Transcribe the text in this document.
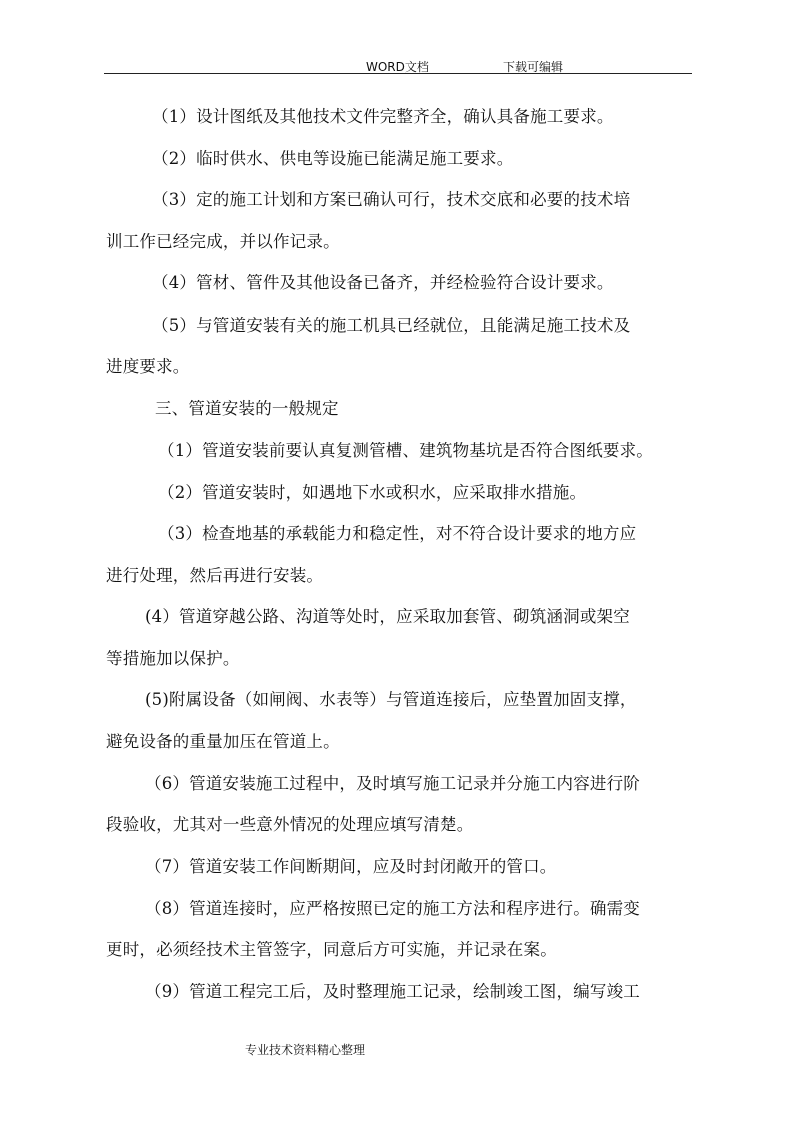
WORD文档	下载可编辑
（1）设计图纸及其他技术文件完整齐全，确认具备施工要求。
（2）临时供水、供电等设施已能满足施工要求。
（3）定的施工计划和方案已确认可行，技术交底和必要的技术培
训工作已经完成，并以作记录。
（4）管材、管件及其他设备已备齐，并经检验符合设计要求。
（5）与管道安装有关的施工机具已经就位，且能满足施工技术及
进度要求。
三、管道安装的一般规定
（1）管道安装前要认真复测管槽、建筑物基坑是否符合图纸要求。
（2）管道安装时，如遇地下水或积水，应采取排水措施。
（3）检查地基的承载能力和稳定性，对不符合设计要求的地方应
进行处理，然后再进行安装。
(4）管道穿越公路、沟道等处时，应采取加套管、砌筑涵洞或架空
等措施加以保护。
(5)附属设备（如闸阀、水表等）与管道连接后，应垫置加固支撑，
避免设备的重量加压在管道上。
（6）管道安装施工过程中，及时填写施工记录并分施工内容进行阶
段验收，尤其对一些意外情况的处理应填写清楚。
（7）管道安装工作间断期间，应及时封闭敞开的管口。
（8）管道连接时，应严格按照已定的施工方法和程序进行。确需变
更时，必须经技术主管签字，同意后方可实施，并记录在案。
（9）管道工程完工后，及时整理施工记录，绘制竣工图，编写竣工
专业技术资料精心整理
